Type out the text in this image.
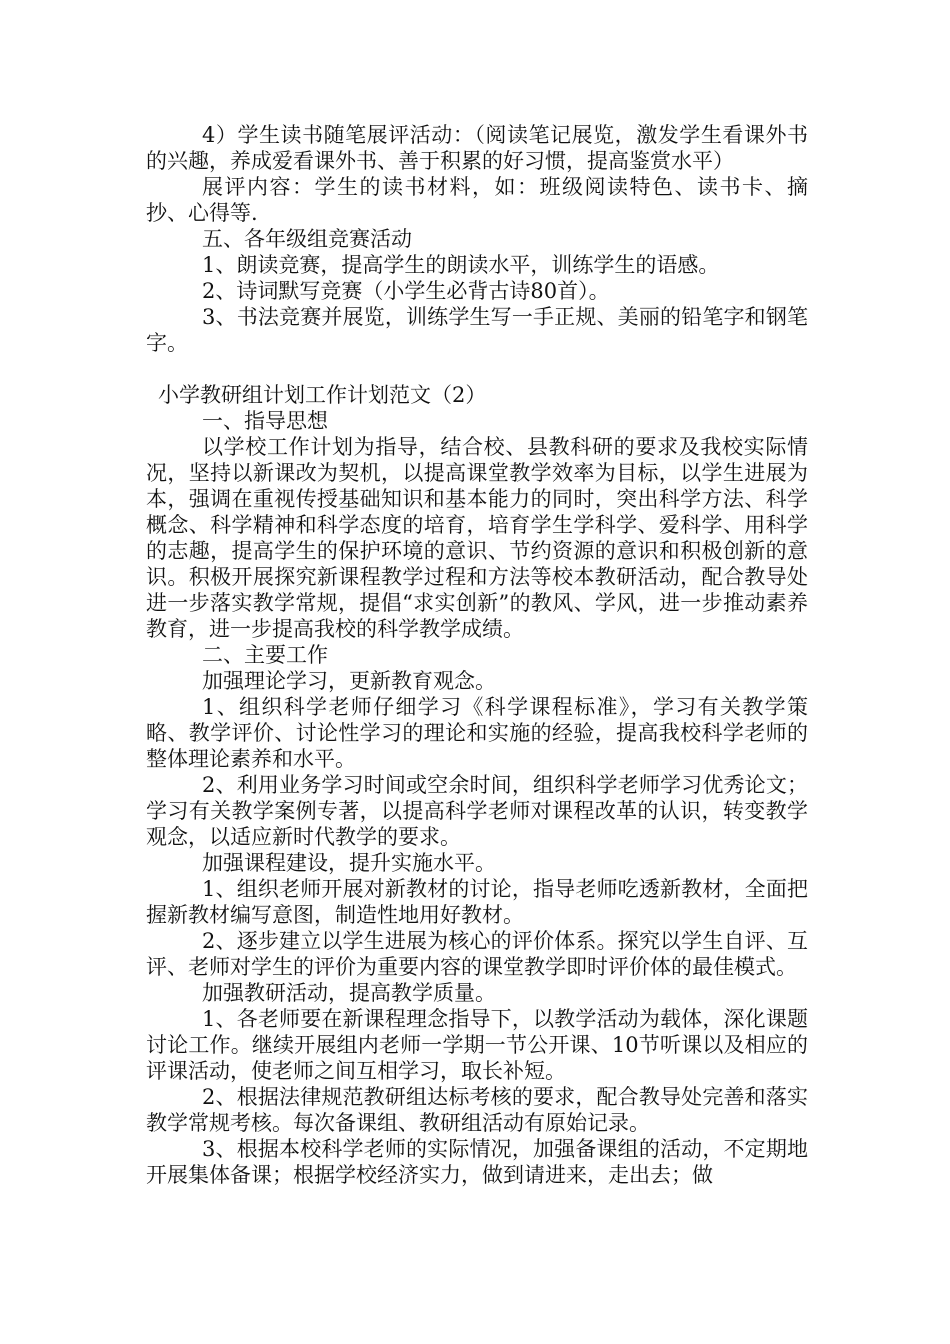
4）学生读书随笔展评活动：（阅读笔记展览，激发学生看课外书的兴趣，养成爱看课外书、善于积累的好习惯，提高鉴赏水平）

展评内容：学生的读书材料，如：班级阅读特色、读书卡、摘抄、心得等.

五、各年级组竞赛活动

1、朗读竞赛，提高学生的朗读水平，训练学生的语感。

2、诗词默写竞赛（小学生必背古诗80首）。

3、书法竞赛并展览，训练学生写一手正规、美丽的铅笔字和钢笔字。

小学教研组计划工作计划范文（2）

一、指导思想

以学校工作计划为指导，结合校、县教科研的要求及我校实际情况，坚持以新课改为契机，以提高课堂教学效率为目标，以学生进展为本，强调在重视传授基础知识和基本能力的同时，突出科学方法、科学概念、科学精神和科学态度的培育，培育学生学科学、爱科学、用科学的志趣，提高学生的保护环境的意识、节约资源的意识和积极创新的意识。积极开展探究新课程教学过程和方法等校本教研活动，配合教导处进一步落实教学常规，提倡“求实创新”的教风、学风，进一步推动素养教育，进一步提高我校的科学教学成绩。

二、主要工作

加强理论学习，更新教育观念。

1、组织科学老师仔细学习《科学课程标准》，学习有关教学策略、教学评价、讨论性学习的理论和实施的经验，提高我校科学老师的整体理论素养和水平。

2、利用业务学习时间或空余时间，组织科学老师学习优秀论文；学习有关教学案例专著，以提高科学老师对课程改革的认识，转变教学观念，以适应新时代教学的要求。

加强课程建设，提升实施水平。

1、组织老师开展对新教材的讨论，指导老师吃透新教材，全面把握新教材编写意图，制造性地用好教材。

2、逐步建立以学生进展为核心的评价体系。探究以学生自评、互评、老师对学生的评价为重要内容的课堂教学即时评价体的最佳模式。

加强教研活动，提高教学质量。

1、各老师要在新课程理念指导下，以教学活动为载体，深化课题讨论工作。继续开展组内老师一学期一节公开课、10节听课以及相应的评课活动，使老师之间互相学习，取长补短。

2、根据法律规范教研组达标考核的要求，配合教导处完善和落实教学常规考核。每次备课组、教研组活动有原始记录。

3、根据本校科学老师的实际情况，加强备课组的活动，不定期地开展集体备课；根据学校经济实力，做到请进来，走出去；做
